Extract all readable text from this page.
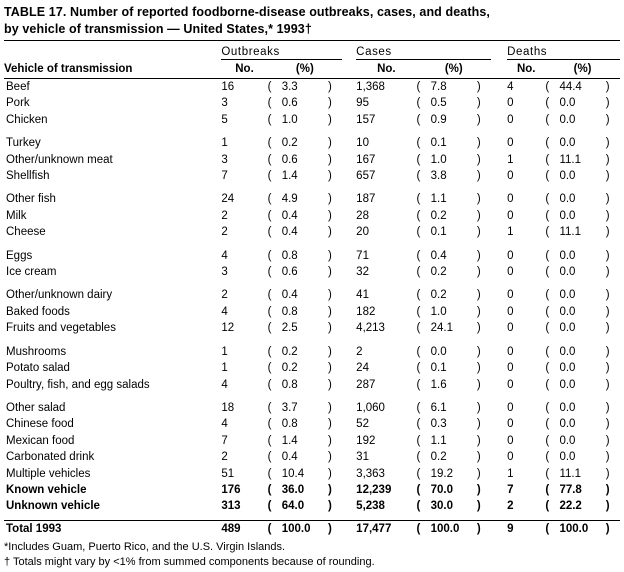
TABLE 17. Number of reported foodborne-disease outbreaks, cases, and deaths,
by vehicle of transmission — United States,* 1993†

	Outbreaks					Cases					Deaths			

Vehicle of transmission	No.		(%)			No.		(%)			No.		(%)	
Beef	16	(	3.3	)		1,368	(	7.8	)		4	(	44.4	)
Pork	3	(	0.6	)		95	(	0.5	)		0	(	0.0	)
Chicken	5	(	1.0	)		157	(	0.9	)		0	(	0.0	)

Turkey	1	(	0.2	)		10	(	0.1	)		0	(	0.0	)
Other/unknown meat	3	(	0.6	)		167	(	1.0	)		1	(	11.1	)
Shellfish	7	(	1.4	)		657	(	3.8	)		0	(	0.0	)

Other fish	24	(	4.9	)		187	(	1.1	)		0	(	0.0	)
Milk	2	(	0.4	)		28	(	0.2	)		0	(	0.0	)
Cheese	2	(	0.4	)		20	(	0.1	)		1	(	11.1	)

Eggs	4	(	0.8	)		71	(	0.4	)		0	(	0.0	)
Ice cream	3	(	0.6	)		32	(	0.2	)		0	(	0.0	)

Other/unknown dairy	2	(	0.4	)		41	(	0.2	)		0	(	0.0	)
Baked foods	4	(	0.8	)		182	(	1.0	)		0	(	0.0	)
Fruits and vegetables	12	(	2.5	)		4,213	(	24.1	)		0	(	0.0	)

Mushrooms	1	(	0.2	)		2	(	0.0	)		0	(	0.0	)
Potato salad	1	(	0.2	)		24	(	0.1	)		0	(	0.0	)
Poultry, fish, and egg salads	4	(	0.8	)		287	(	1.6	)		0	(	0.0	)

Other salad	18	(	3.7	)		1,060	(	6.1	)		0	(	0.0	)
Chinese food	4	(	0.8	)		52	(	0.3	)		0	(	0.0	)
Mexican food	7	(	1.4	)		192	(	1.1	)		0	(	0.0	)
Carbonated drink	2	(	0.4	)		31	(	0.2	)		0	(	0.0	)
Multiple vehicles	51	(	10.4	)		3,363	(	19.2	)		1	(	11.1	)
Known vehicle	176	(	36.0	)		12,239	(	70.0	)		7	(	77.8	)
Unknown vehicle	313	(	64.0	)		5,238	(	30.0	)		2	(	22.2	)

Total 1993	489	(	100.0	)		17,477	(	100.0	)		9	(	100.0	)
*Includes Guam, Puerto Rico, and the U.S. Virgin Islands.
† Totals might vary by <1% from summed components because of rounding.
